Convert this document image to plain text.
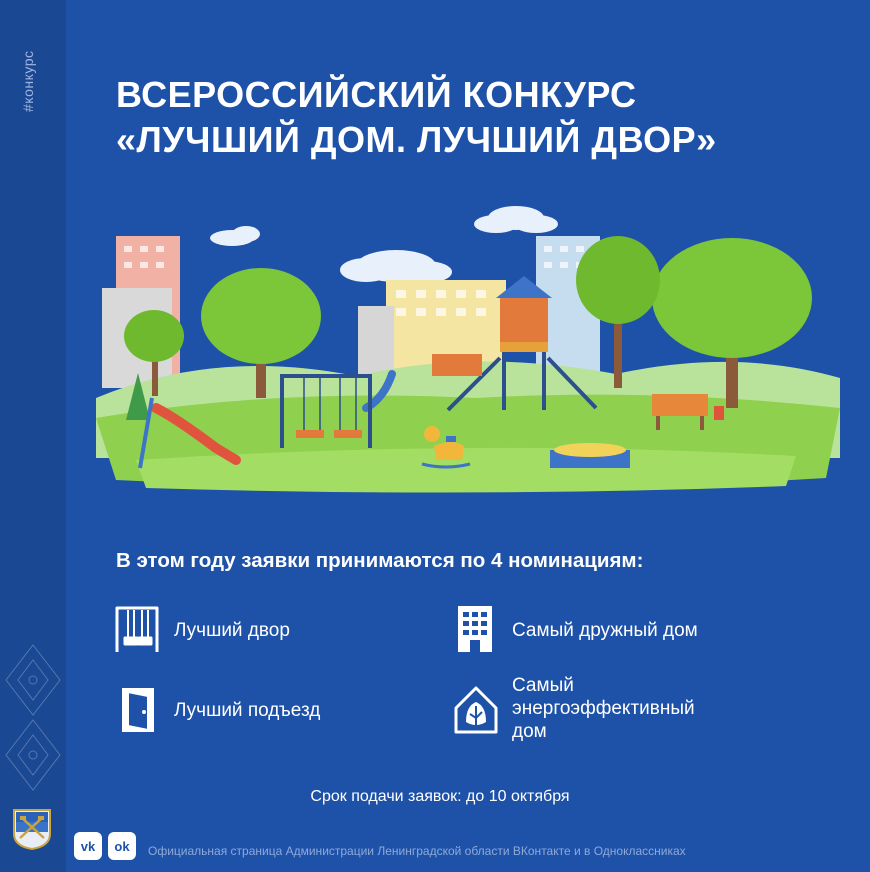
#конкурс ВСЕРОССИЙСКИЙ КОНКУРС
«ЛУЧШИЙ ДОМ. ЛУЧШИЙ ДВОР»
В этом году заявки принимаются по 4 номинациям:
Лучший двор	Самый дружный дом
Лучший подъезд
Самый
энергоэффективный
дом
Срок подачи заявок: до 10 октября
vk ok Официальная страница Администрации Ленинградской области ВКонтакте и в Одноклассниках
